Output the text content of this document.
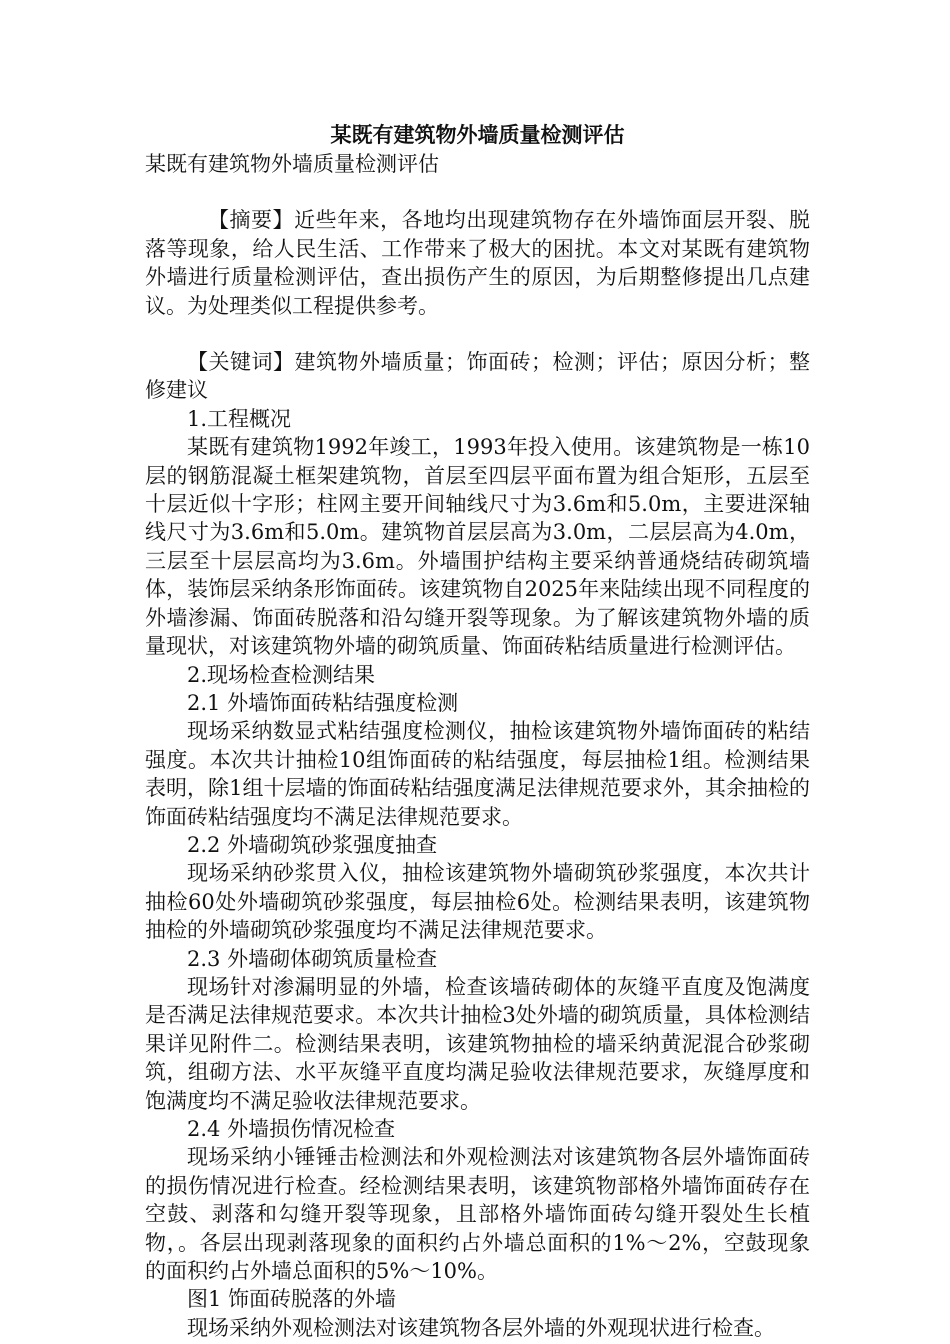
某既有建筑物外墙质量检测评估

某既有建筑物外墙质量检测评估

【摘要】近些年来，各地均出现建筑物存在外墙饰面层开裂、脱落等现象，给人民生活、工作带来了极大的困扰。本文对某既有建筑物外墙进行质量检测评估，查出损伤产生的原因，为后期整修提出几点建议。为处理类似工程提供参考。

【关键词】建筑物外墙质量；饰面砖；检测；评估；原因分析；整修建议

1.工程概况

某既有建筑物1992年竣工，1993年投入使用。该建筑物是一栋10层的钢筋混凝土框架建筑物，首层至四层平面布置为组合矩形，五层至十层近似十字形；柱网主要开间轴线尺寸为3.6m和5.0m，主要进深轴线尺寸为3.6m和5.0m。建筑物首层层高为3.0m，二层层高为4.0m，三层至十层层高均为3.6m。外墙围护结构主要采纳普通烧结砖砌筑墙体，装饰层采纳条形饰面砖。该建筑物自2025年来陆续出现不同程度的外墙渗漏、饰面砖脱落和沿勾缝开裂等现象。为了解该建筑物外墙的质量现状，对该建筑物外墙的砌筑质量、饰面砖粘结质量进行检测评估。

2.现场检查检测结果

2.1 外墙饰面砖粘结强度检测

现场采纳数显式粘结强度检测仪，抽检该建筑物外墙饰面砖的粘结强度。本次共计抽检10组饰面砖的粘结强度，每层抽检1组。检测结果表明，除1组十层墙的饰面砖粘结强度满足法律规范要求外，其余抽检的饰面砖粘结强度均不满足法律规范要求。

2.2 外墙砌筑砂浆强度抽查

现场采纳砂浆贯入仪，抽检该建筑物外墙砌筑砂浆强度，本次共计抽检60处外墙砌筑砂浆强度，每层抽检6处。检测结果表明，该建筑物抽检的外墙砌筑砂浆强度均不满足法律规范要求。

2.3 外墙砌体砌筑质量检查

现场针对渗漏明显的外墙，检查该墙砖砌体的灰缝平直度及饱满度是否满足法律规范要求。本次共计抽检3处外墙的砌筑质量，具体检测结果详见附件二。检测结果表明，该建筑物抽检的墙采纳黄泥混合砂浆砌筑，组砌方法、水平灰缝平直度均满足验收法律规范要求，灰缝厚度和饱满度均不满足验收法律规范要求。

2.4 外墙损伤情况检查

现场采纳小锤锤击检测法和外观检测法对该建筑物各层外墙饰面砖的损伤情况进行检查。经检测结果表明，该建筑物部格外墙饰面砖存在空鼓、剥落和勾缝开裂等现象，且部格外墙饰面砖勾缝开裂处生长植物，。各层出现剥落现象的面积约占外墙总面积的1%～2%，空鼓现象的面积约占外墙总面积的5%～10%。

图1 饰面砖脱落的外墙

现场采纳外观检测法对该建筑物各层外墙的外观现状进行检查。
